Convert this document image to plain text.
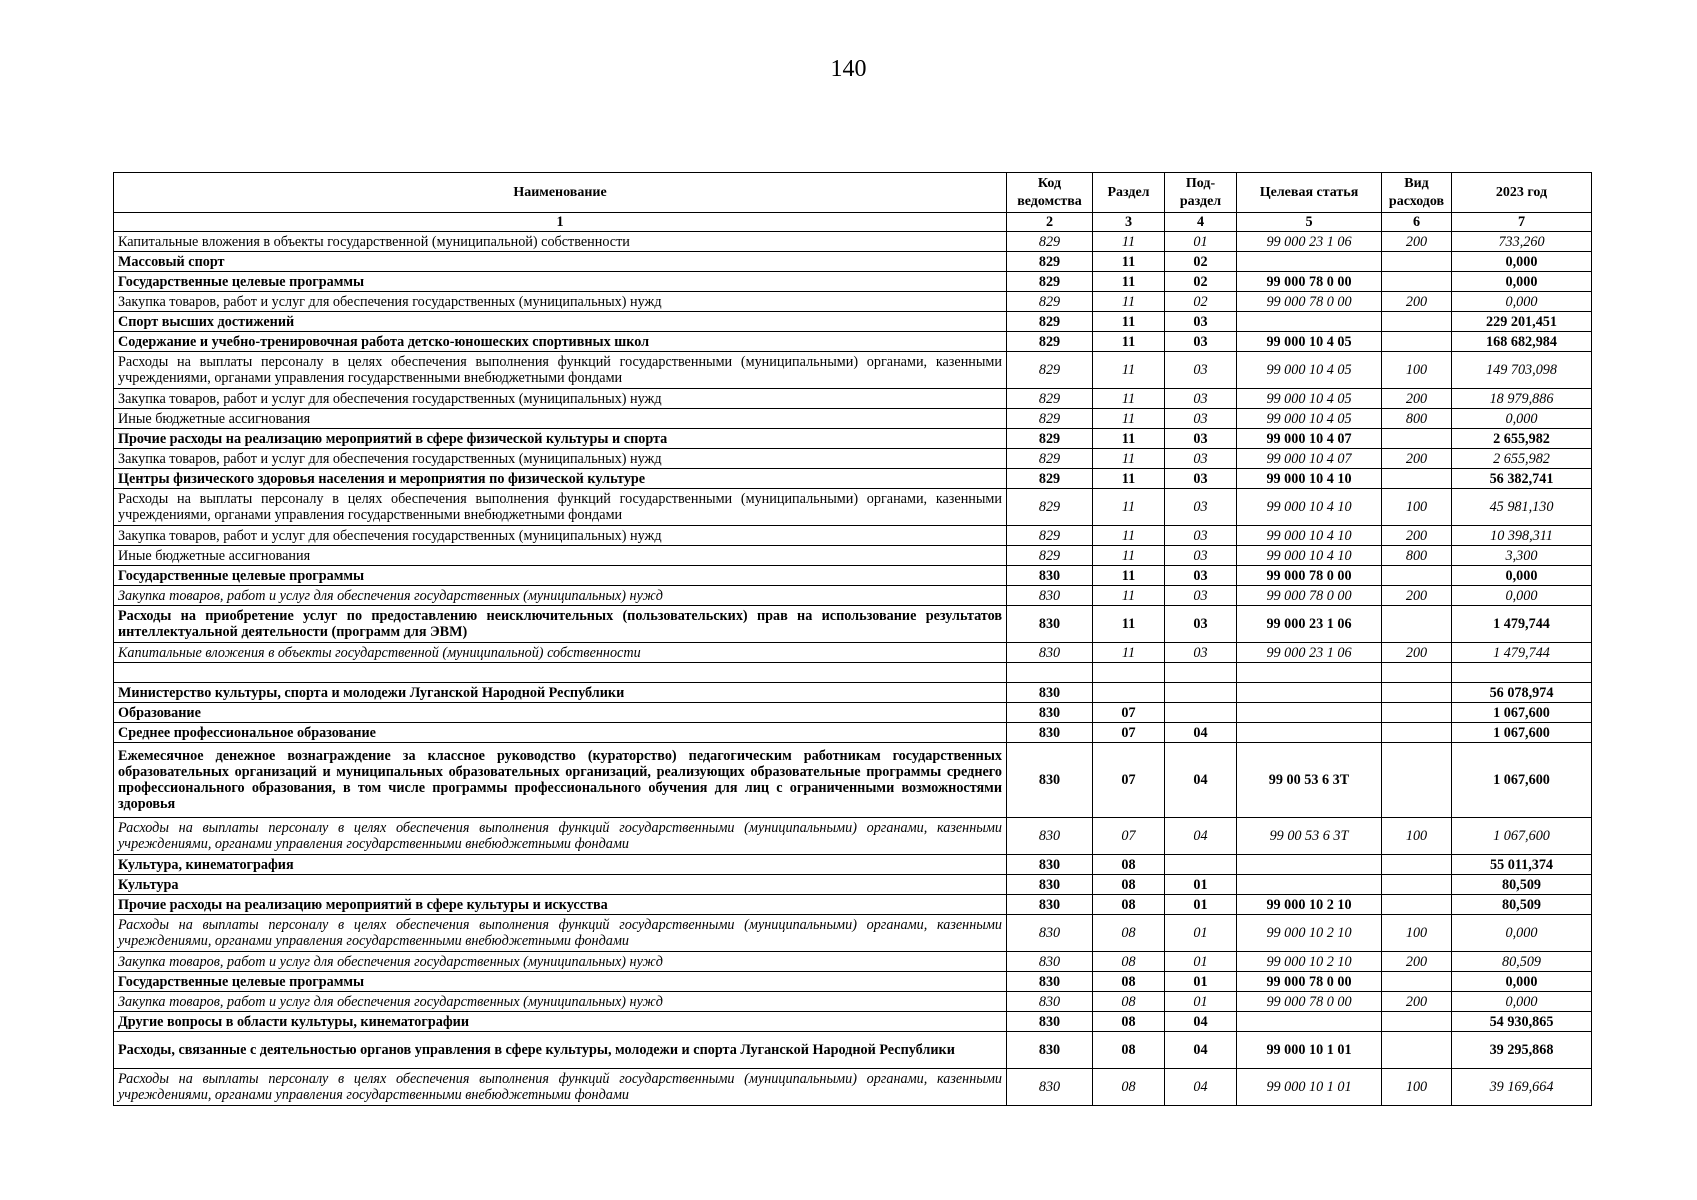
140
Наименование	Код ведомства	Раздел	Под-раздел	Целевая статья	Вид расходов	2023 год
1	2	3	4	5	6	7
Капитальные вложения в объекты государственной (муниципальной) собственности	829	11	01	99 000 23 1 06	200	733,260
Массовый спорт	829	11	02			0,000
Государственные целевые программы	829	11	02	99 000 78 0 00		0,000
Закупка товаров, работ и услуг для обеспечения государственных (муниципальных) нужд	829	11	02	99 000 78 0 00	200	0,000
Спорт высших достижений	829	11	03			229 201,451
Содержание и учебно-тренировочная работа детско-юношеских спортивных школ	829	11	03	99 000 10 4 05		168 682,984
Расходы на выплаты персоналу в целях обеспечения выполнения функций государственными (муниципальными) органами, казенными учреждениями, органами управления государственными внебюджетными фондами	829	11	03	99 000 10 4 05	100	149 703,098
Закупка товаров, работ и услуг для обеспечения государственных (муниципальных) нужд	829	11	03	99 000 10 4 05	200	18 979,886
Иные бюджетные ассигнования	829	11	03	99 000 10 4 05	800	0,000
Прочие расходы на реализацию мероприятий в сфере физической культуры и спорта	829	11	03	99 000 10 4 07		2 655,982
Закупка товаров, работ и услуг для обеспечения государственных (муниципальных) нужд	829	11	03	99 000 10 4 07	200	2 655,982
Центры физического здоровья населения и мероприятия по физической культуре	829	11	03	99 000 10 4 10		56 382,741
Расходы на выплаты персоналу в целях обеспечения выполнения функций государственными (муниципальными) органами, казенными учреждениями, органами управления государственными внебюджетными фондами	829	11	03	99 000 10 4 10	100	45 981,130
Закупка товаров, работ и услуг для обеспечения государственных (муниципальных) нужд	829	11	03	99 000 10 4 10	200	10 398,311
Иные бюджетные ассигнования	829	11	03	99 000 10 4 10	800	3,300
Государственные целевые программы	830	11	03	99 000 78 0 00		0,000
Закупка товаров, работ и услуг для обеспечения государственных (муниципальных) нужд	830	11	03	99 000 78 0 00	200	0,000
Расходы на приобретение услуг по предоставлению неисключительных (пользовательских) прав на использование результатов интеллектуальной деятельности (программ для ЭВМ)	830	11	03	99 000 23 1 06		1 479,744
Капитальные вложения в объекты государственной (муниципальной) собственности	830	11	03	99 000 23 1 06	200	1 479,744

Министерство культуры, спорта и молодежи Луганской Народной Республики	830					56 078,974
Образование	830	07				1 067,600
Среднее профессиональное образование	830	07	04			1 067,600
Ежемесячное денежное вознаграждение за классное руководство (кураторство) педагогическим работникам государственных образовательных организаций и муниципальных образовательных организаций, реализующих образовательные программы среднего профессионального образования, в том числе программы профессионального обучения для лиц с ограниченными возможностями здоровья	830	07	04	99 00 53 6 3Т		1 067,600
Расходы на выплаты персоналу в целях обеспечения выполнения функций государственными (муниципальными) органами, казенными учреждениями, органами управления государственными внебюджетными фондами	830	07	04	99 00 53 6 3Т	100	1 067,600
Культура, кинематография	830	08				55 011,374
Культура	830	08	01			80,509
Прочие расходы на реализацию мероприятий в сфере культуры и искусства	830	08	01	99 000 10 2 10		80,509
Расходы на выплаты персоналу в целях обеспечения выполнения функций государственными (муниципальными) органами, казенными учреждениями, органами управления государственными внебюджетными фондами	830	08	01	99 000 10 2 10	100	0,000
Закупка товаров, работ и услуг для обеспечения государственных (муниципальных) нужд	830	08	01	99 000 10 2 10	200	80,509
Государственные целевые программы	830	08	01	99 000 78 0 00		0,000
Закупка товаров, работ и услуг для обеспечения государственных (муниципальных) нужд	830	08	01	99 000 78 0 00	200	0,000
Другие вопросы в области культуры, кинематографии	830	08	04			54 930,865
Расходы, связанные с деятельностью органов управления в сфере культуры, молодежи и спорта Луганской Народной Республики	830	08	04	99 000 10 1 01		39 295,868
Расходы на выплаты персоналу в целях обеспечения выполнения функций государственными (муниципальными) органами, казенными учреждениями, органами управления государственными внебюджетными фондами	830	08	04	99 000 10 1 01	100	39 169,664
